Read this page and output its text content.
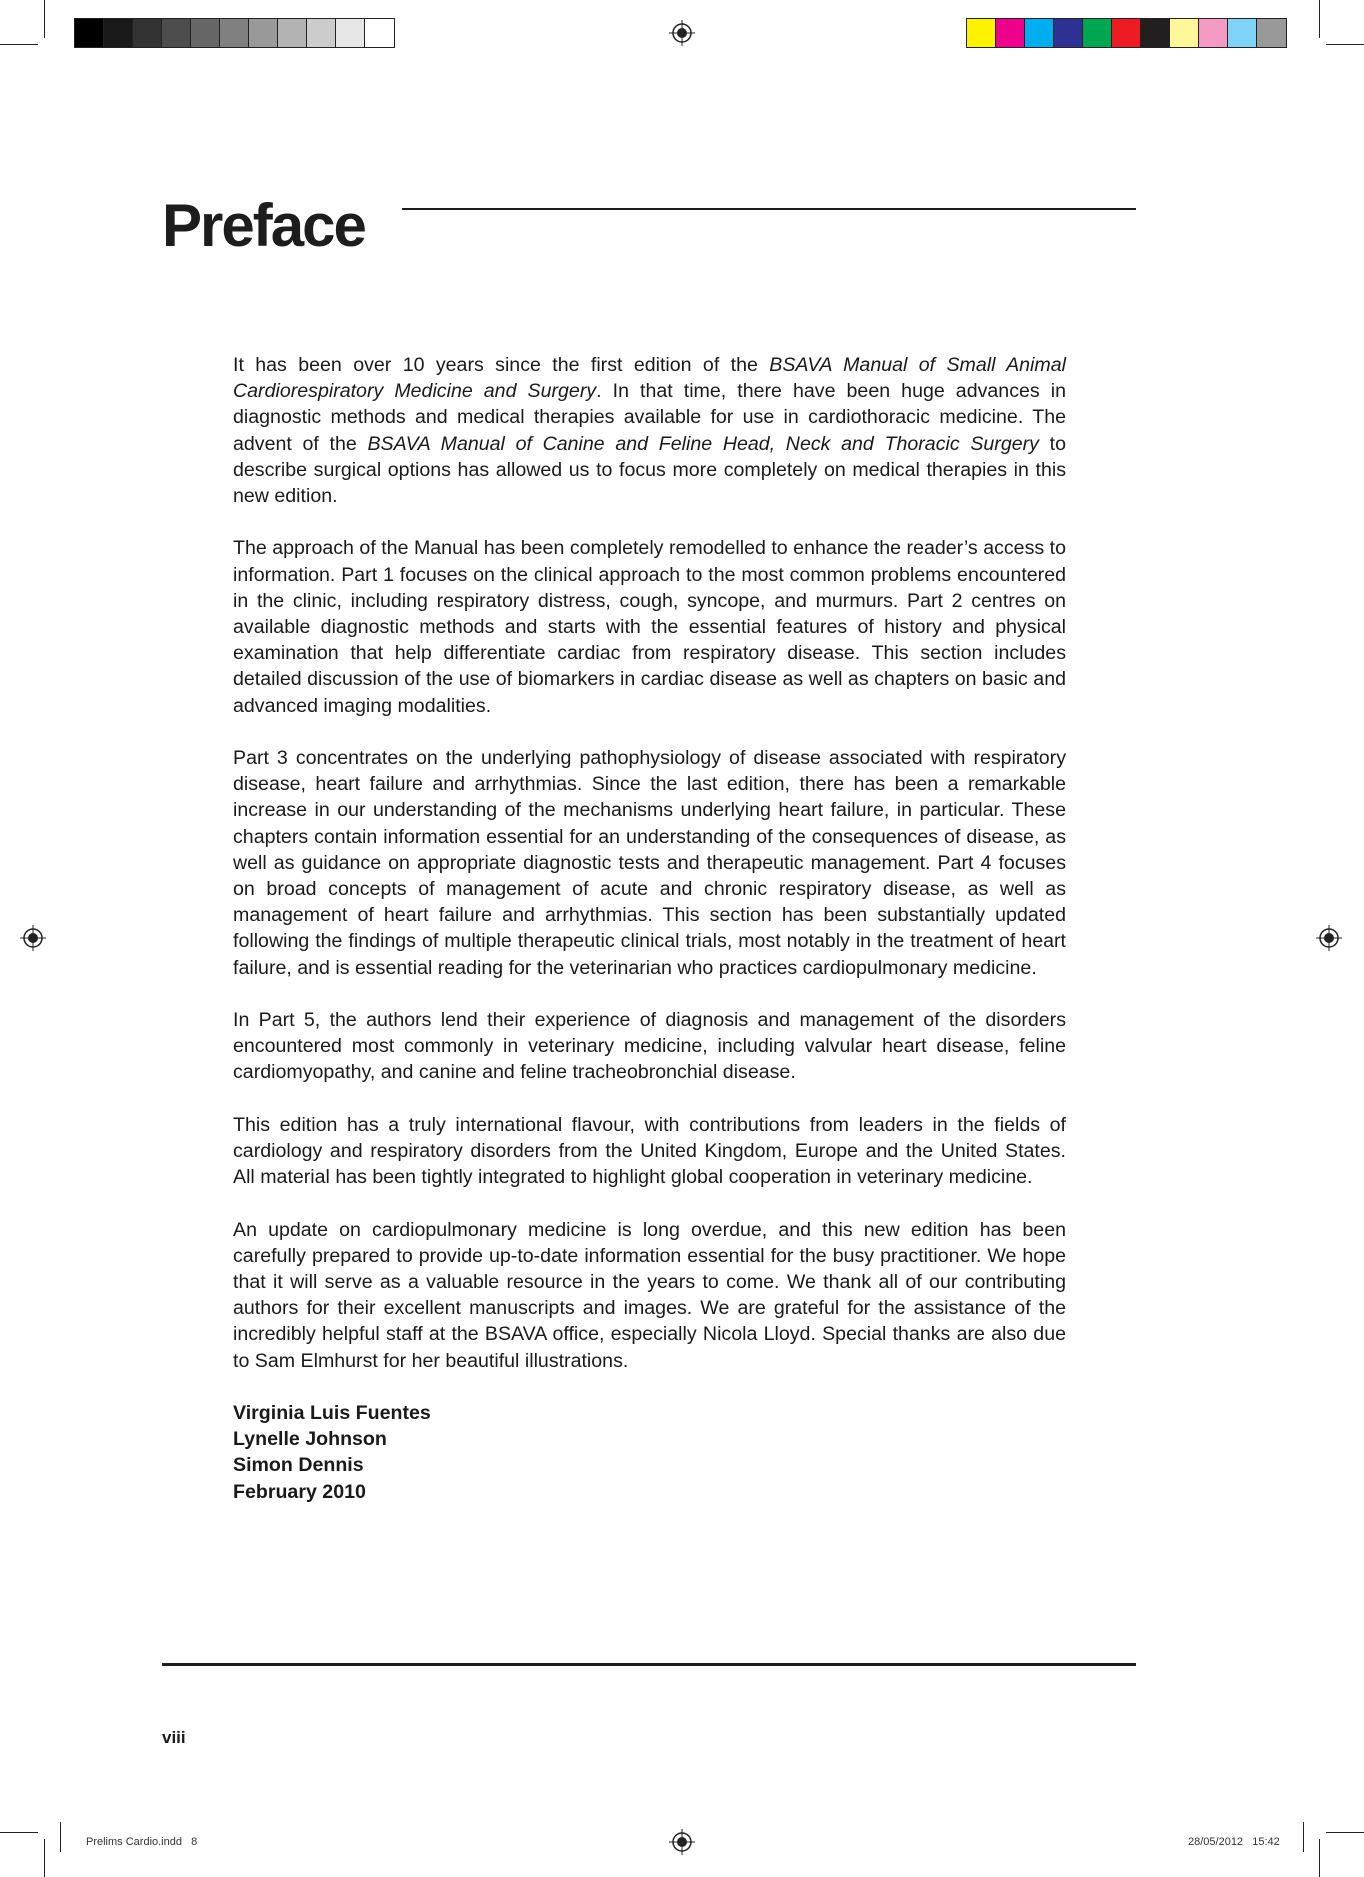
Preface

It has been over 10 years since the first edition of the BSAVA Manual of Small Animal Cardiorespiratory Medicine and Surgery. In that time, there have been huge advances in diagnostic methods and medical therapies available for use in cardiothoracic medicine. The advent of the BSAVA Manual of Canine and Feline Head, Neck and Thoracic Surgery to describe surgical options has allowed us to focus more completely on medical therapies in this new edition.

The approach of the Manual has been completely remodelled to enhance the reader’s access to information. Part 1 focuses on the clinical approach to the most common problems encountered in the clinic, including respiratory distress, cough, syncope, and murmurs. Part 2 centres on available diagnostic methods and starts with the essential features of history and physical examination that help differentiate cardiac from respiratory disease. This section includes detailed discussion of the use of biomarkers in cardiac disease as well as chapters on basic and advanced imaging modalities.

Part 3 concentrates on the underlying pathophysiology of disease associated with respiratory disease, heart failure and arrhythmias. Since the last edition, there has been a remarkable increase in our understanding of the mechanisms underlying heart failure, in particular. These chapters contain information essential for an understanding of the consequences of disease, as well as guidance on appropriate diagnostic tests and therapeutic management. Part 4 focuses on broad concepts of management of acute and chronic respiratory disease, as well as management of heart failure and arrhythmias. This section has been substantially updated following the findings of multiple therapeutic clinical trials, most notably in the treatment of heart failure, and is essential reading for the veterinarian who practices cardiopulmonary medicine.

In Part 5, the authors lend their experience of diagnosis and management of the disorders encountered most commonly in veterinary medicine, including valvular heart disease, feline cardiomyopathy, and canine and feline tracheobronchial disease.

This edition has a truly international flavour, with contributions from leaders in the fields of cardiology and respiratory disorders from the United Kingdom, Europe and the United States. All material has been tightly integrated to highlight global cooperation in veterinary medicine.

An update on cardiopulmonary medicine is long overdue, and this new edition has been carefully prepared to provide up-to-date information essential for the busy practitioner. We hope that it will serve as a valuable resource in the years to come. We thank all of our contributing authors for their excellent manuscripts and images. We are grateful for the assistance of the incredibly helpful staff at the BSAVA office, especially Nicola Lloyd. Special thanks are also due to Sam Elmhurst for her beautiful illustrations.

Virginia Luis Fuentes
Lynelle Johnson
Simon Dennis
February 2010
viii
Prelims Cardio.indd   8	28/05/2012   15:42
